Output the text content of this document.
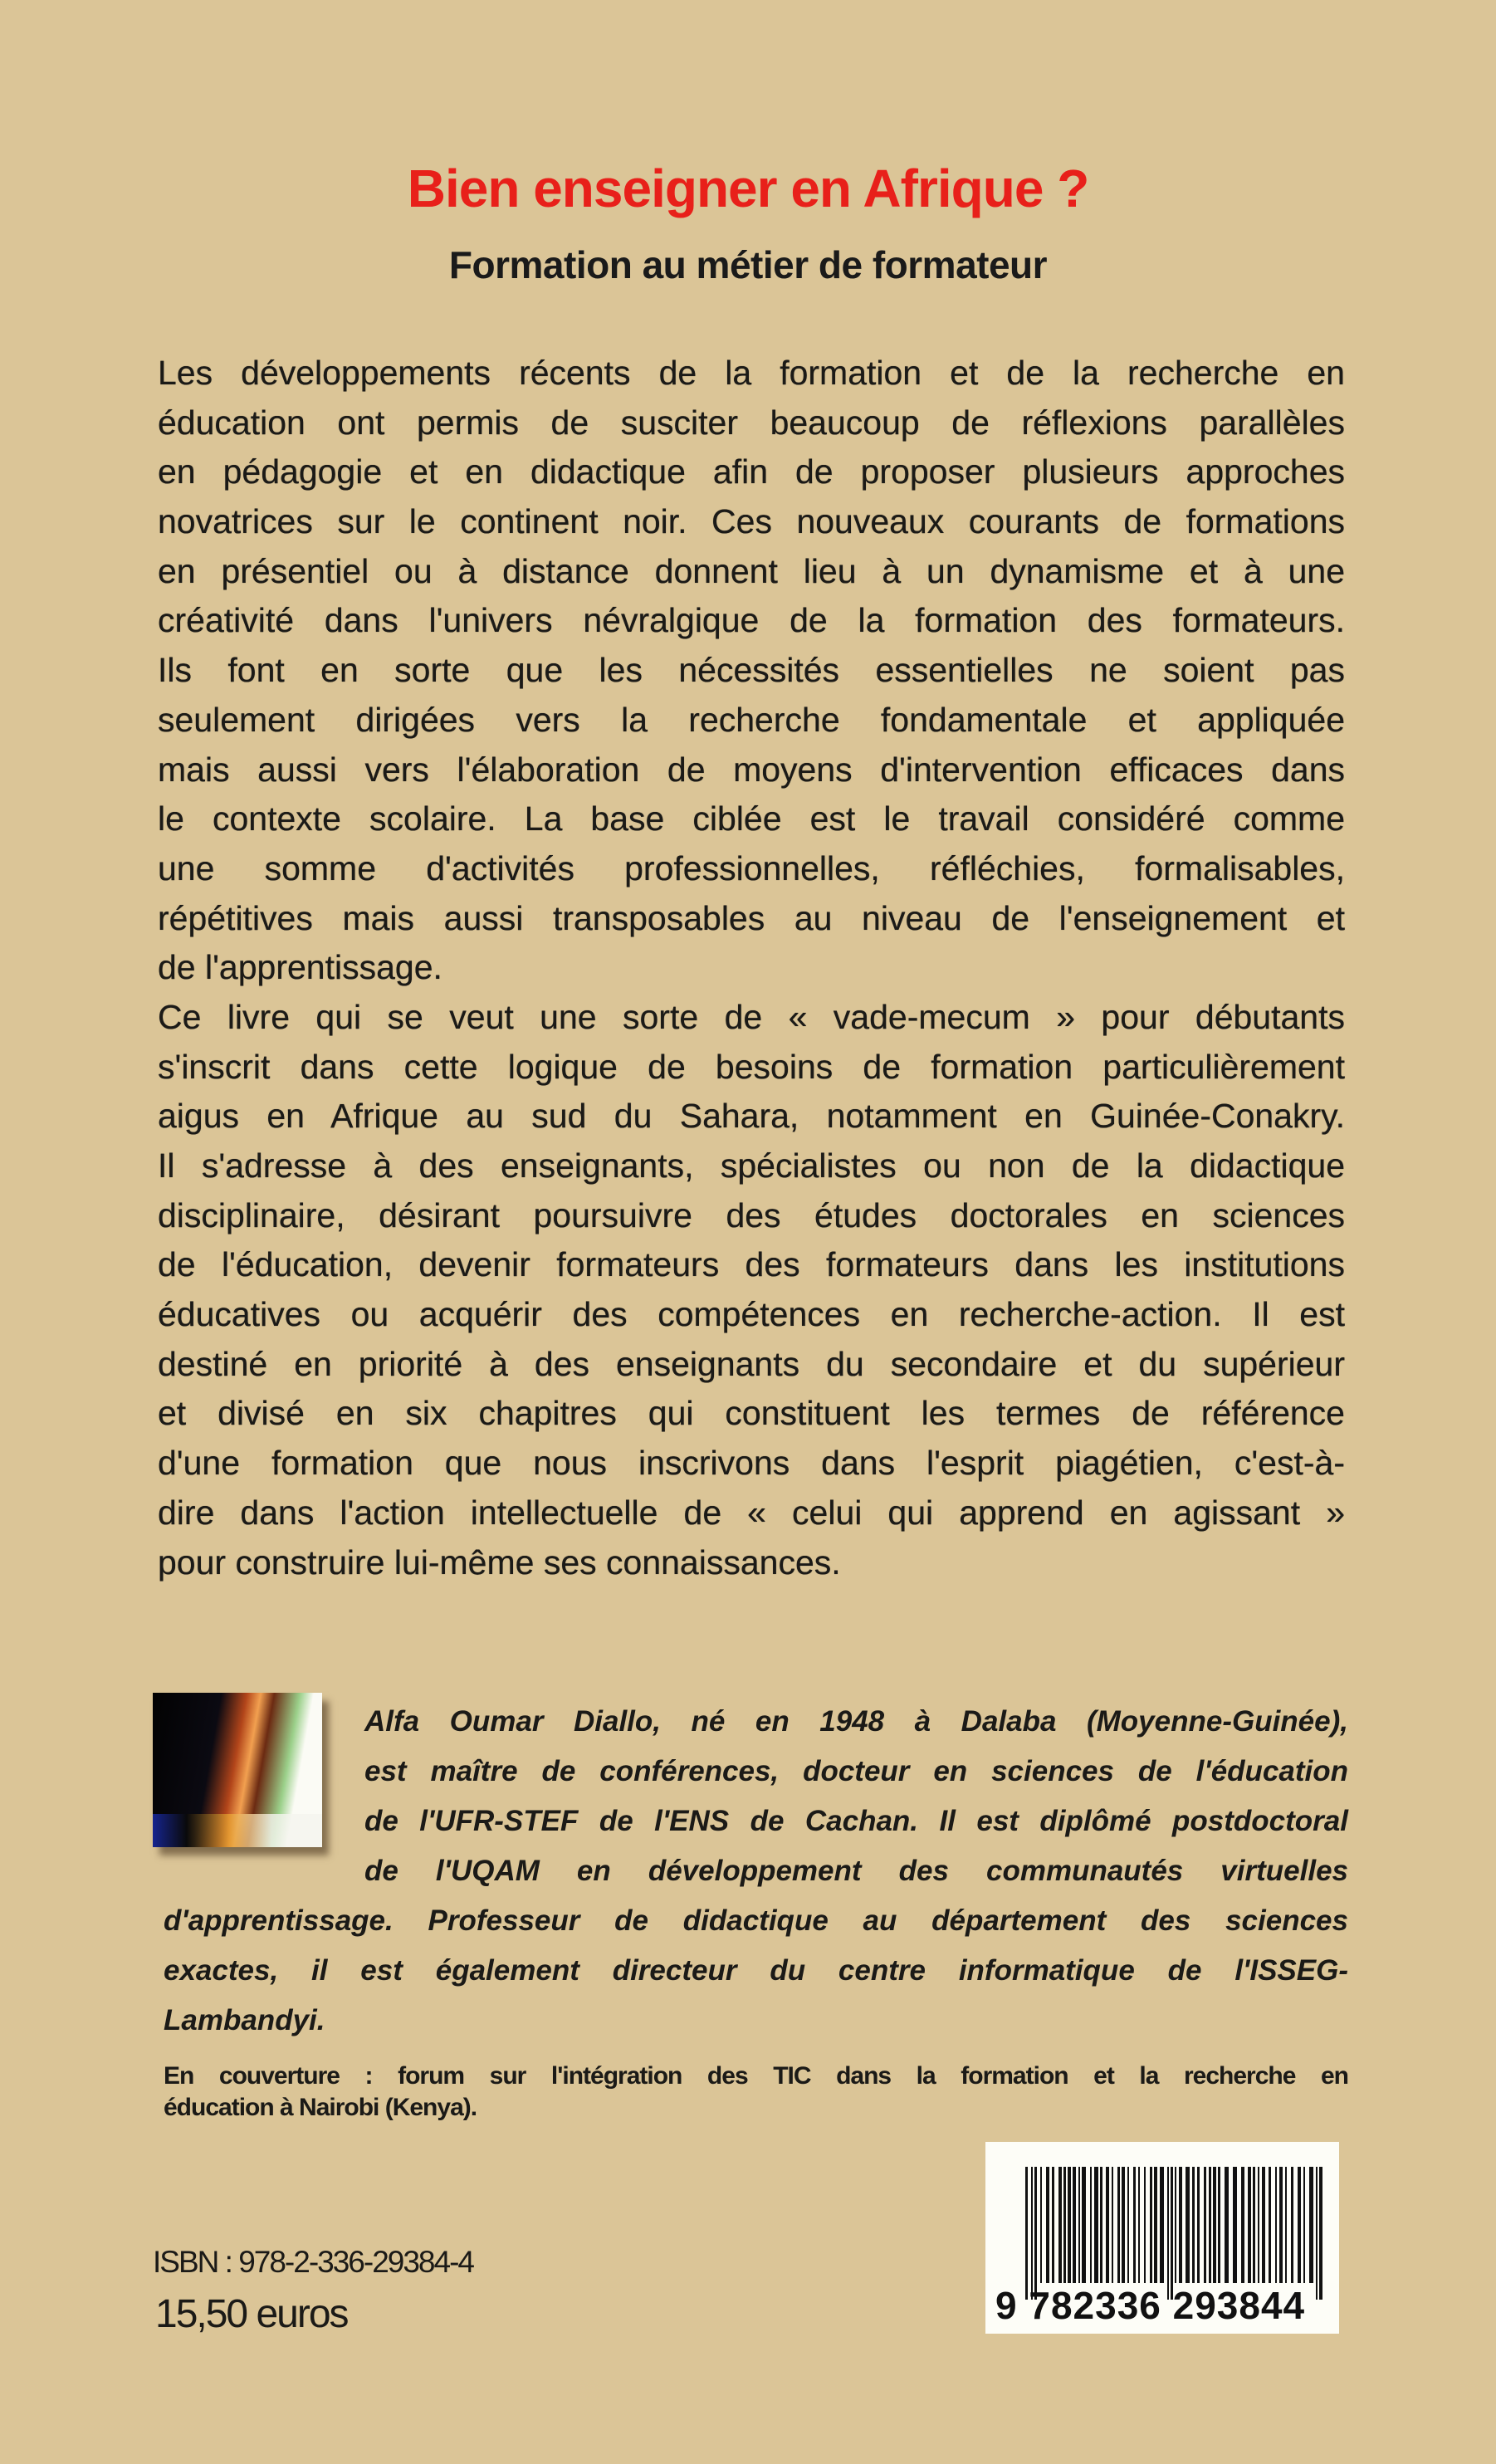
Bien enseigner en Afrique ?
Formation au métier de formateur
Les développements récents de la formation et de la recherche en
éducation ont permis de susciter beaucoup de réflexions parallèles
en pédagogie et en didactique afin de proposer plusieurs approches
novatrices sur le continent noir. Ces nouveaux courants de formations
en présentiel ou à distance donnent lieu à un dynamisme et à une
créativité dans l'univers névralgique de la formation des formateurs.
Ils font en sorte que les nécessités essentielles ne soient pas
seulement dirigées vers la recherche fondamentale et appliquée
mais aussi vers l'élaboration de moyens d'intervention efficaces dans
le contexte scolaire. La base ciblée est le travail considéré comme
une somme d'activités professionnelles, réfléchies, formalisables,
répétitives mais aussi transposables au niveau de l'enseignement et
de l'apprentissage.
Ce livre qui se veut une sorte de « vade-mecum » pour débutants
s'inscrit dans cette logique de besoins de formation particulièrement
aigus en Afrique au sud du Sahara, notamment en Guinée-Conakry.
Il s'adresse à des enseignants, spécialistes ou non de la didactique
disciplinaire, désirant poursuivre des études doctorales en sciences
de l'éducation, devenir formateurs des formateurs dans les institutions
éducatives ou acquérir des compétences en recherche-action. Il est
destiné en priorité à des enseignants du secondaire et du supérieur
et divisé en six chapitres qui constituent les termes de référence
d'une formation que nous inscrivons dans l'esprit piagétien, c'est-à-
dire dans l'action intellectuelle de « celui qui apprend en agissant »
pour construire lui-même ses connaissances.
Alfa Oumar Diallo, né en 1948 à Dalaba (Moyenne-Guinée),
est maître de conférences, docteur en sciences de l'éducation
de l'UFR-STEF de l'ENS de Cachan. Il est diplômé postdoctoral
de l'UQAM en développement des communautés virtuelles
d'apprentissage. Professeur de didactique au département des sciences
exactes, il est également directeur du centre informatique de l'ISSEG-
Lambandyi.
En couverture : forum sur l'intégration des TIC dans la formation et la recherche en
éducation à Nairobi (Kenya).
ISBN : 978-2-336-29384-4
15,50 euros	9 782336 293844
